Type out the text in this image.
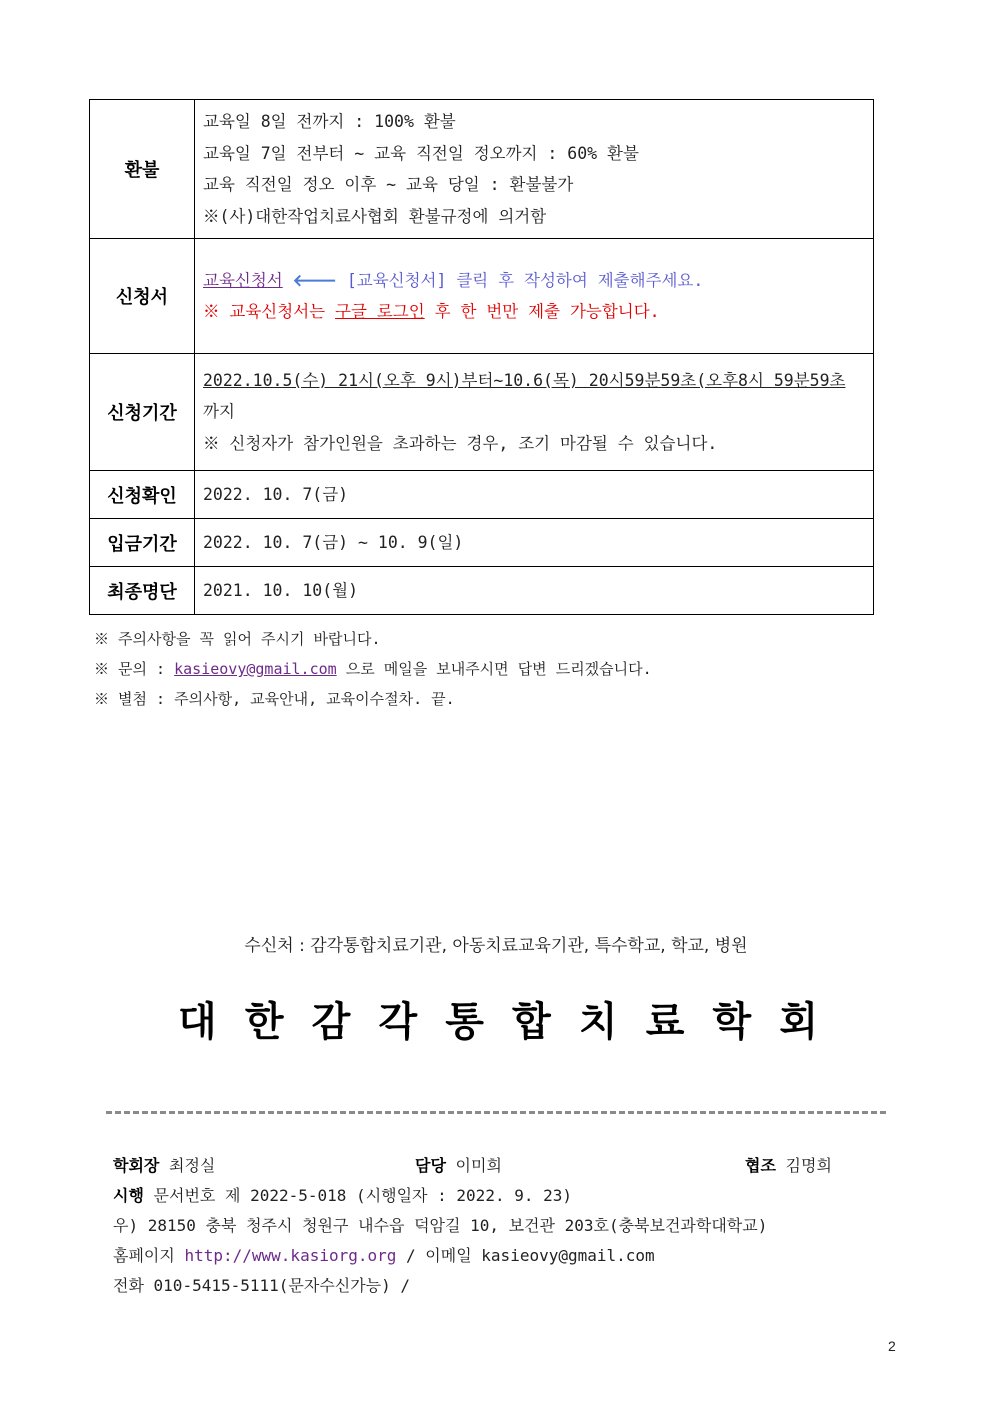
환불	교육일 8일 전까지 : 100% 환불
교육일 7일 전부터 ~ 교육 직전일 정오까지 : 60% 환불
교육 직전일 정오 이후 ~ 교육 당일 : 환불불가
※(사)대한작업치료사협회 환불규정에 의거함

신청서	교육신청서 🡐 [교육신청서] 클릭 후 작성하여 제출해주세요.
※ 교육신청서는 구글 로그인 후 한 번만 제출 가능합니다.

신청기간	2022.10.5(수) 21시(오후 9시)부터~10.6(목) 20시59분59초(오후8시 59분59초 까지
※ 신청자가 참가인원을 초과하는 경우, 조기 마감될 수 있습니다.

신청확인	2022. 10. 7(금)
입금기간	2022. 10. 7(금) ~ 10. 9(일)
최종명단	2021. 10. 10(월)
※ 주의사항을 꼭 읽어 주시기 바랍니다.
※ 문의 : kasieovy@gmail.com 으로 메일을 보내주시면 답변 드리겠습니다.
※ 별첨 : 주의사항, 교육안내, 교육이수절차. 끝.
수신처 : 감각통합치료기관, 아동치료교육기관, 특수학교, 학교, 병원
대 한 감 각 통 합 치 료 학 회
학회장 최정실	담당 이미희	협조 김명희
시행 문서번호 제 2022-5-018 (시행일자 : 2022. 9. 23)
우) 28150 충북 청주시 청원구 내수읍 덕암길 10, 보건관 203호(충북보건과학대학교)
홈페이지 http://www.kasiorg.org / 이메일 kasieovy@gmail.com
전화 010-5415-5111(문자수신가능) /
2
